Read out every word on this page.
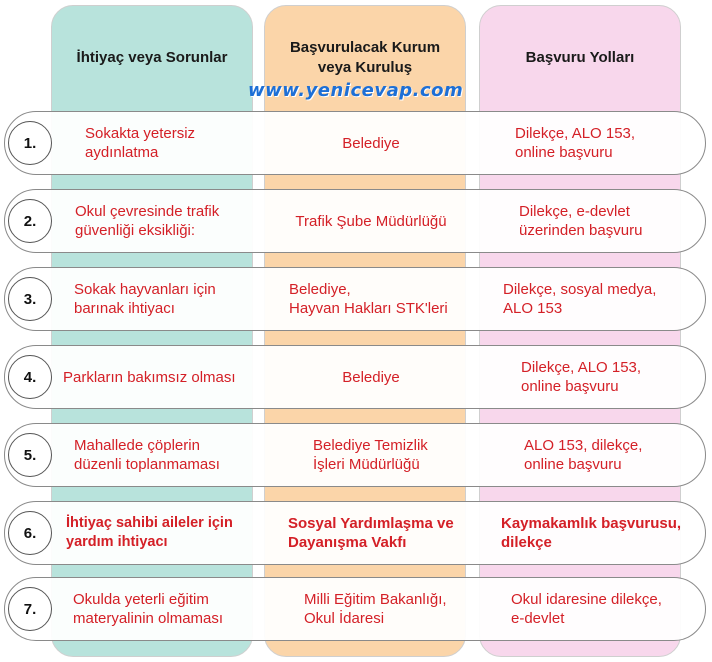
İhtiyaç veya Sorunlar
Başvurulacak Kurum
veya Kuruluş
Başvuru Yolları
www.yenicevap.com
1.
Sokakta yetersiz
aydınlatma
Belediye
Dilekçe, ALO 153,
online başvuru
2.
Okul çevresinde trafik
güvenliği eksikliği:
Trafik Şube Müdürlüğü
Dilekçe, e-devlet
üzerinden başvuru
3.
Sokak hayvanları için
barınak ihtiyacı
Belediye,
Hayvan Hakları STK'leri
Dilekçe, sosyal medya,
ALO 153
4.	Parkların bakımsız olması	Belediye
Dilekçe, ALO 153,
online başvuru
5.
Mahallede çöplerin
düzenli toplanmaması
Belediye Temizlik
İşleri Müdürlüğü
ALO 153, dilekçe,
online başvuru
6.
İhtiyaç sahibi aileler için
yardım ihtiyacı
Sosyal Yardımlaşma ve
Dayanışma Vakfı
Kaymakamlık başvurusu,
dilekçe
7.
Okulda yeterli eğitim
materyalinin olmaması
Milli Eğitim Bakanlığı,
Okul İdaresi
Okul idaresine dilekçe,
e-devlet
